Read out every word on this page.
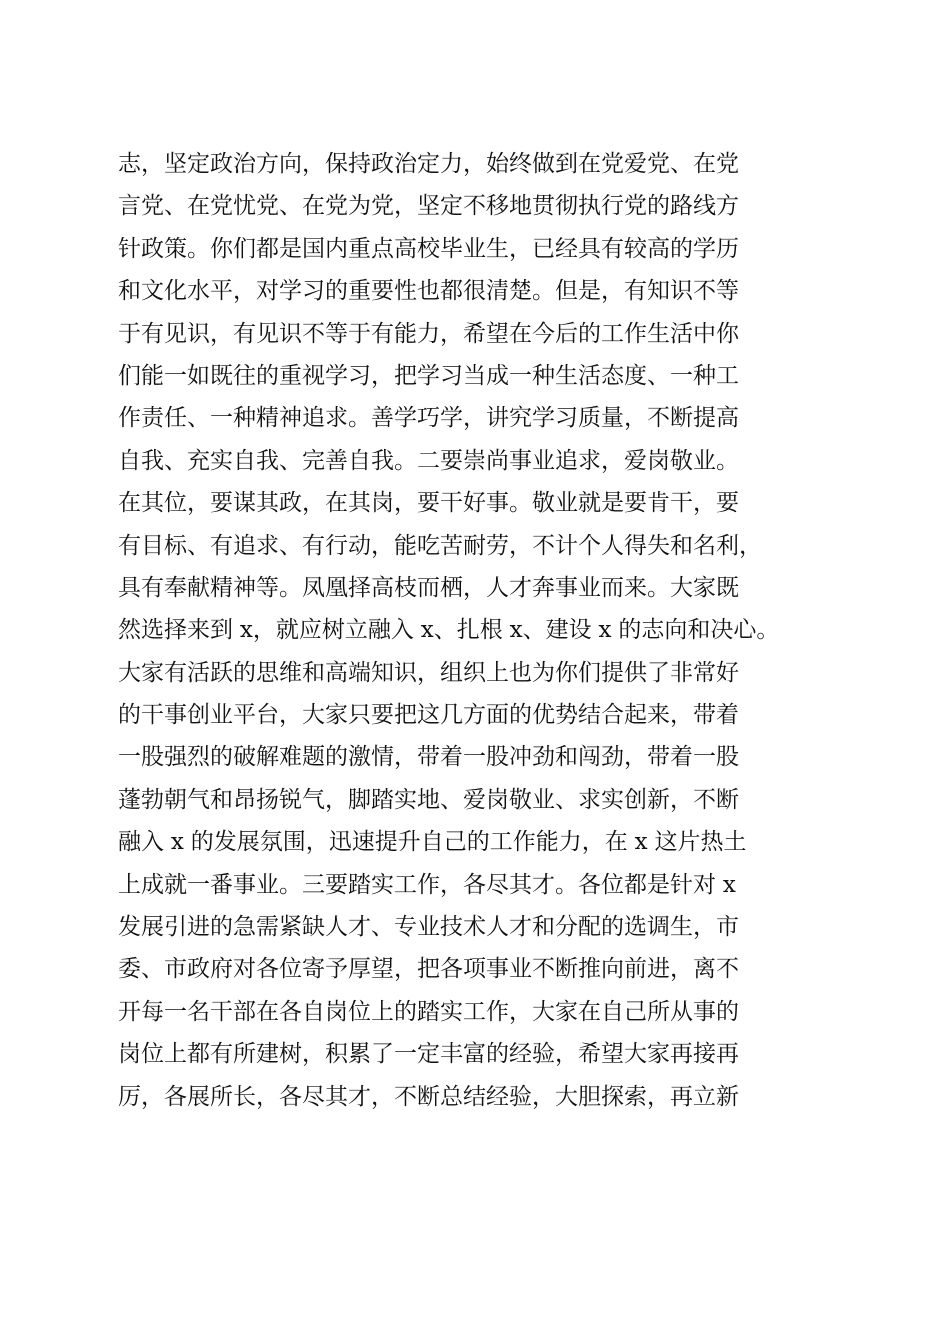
志，坚定政治方向，保持政治定力，始终做到在党爱党、在党
言党、在党忧党、在党为党，坚定不移地贯彻执行党的路线方
针政策。你们都是国内重点高校毕业生，已经具有较高的学历
和文化水平，对学习的重要性也都很清楚。但是，有知识不等
于有见识，有见识不等于有能力，希望在今后的工作生活中你
们能一如既往的重视学习，把学习当成一种生活态度、一种工
作责任、一种精神追求。善学巧学，讲究学习质量，不断提高
自我、充实自我、完善自我。二要崇尚事业追求，爱岗敬业。
在其位，要谋其政，在其岗，要干好事。敬业就是要肯干，要
有目标、有追求、有行动，能吃苦耐劳，不计个人得失和名利，
具有奉献精神等。凤凰择高枝而栖，人才奔事业而来。大家既
然选择来到 x，就应树立融入 x、扎根 x、建设 x 的志向和决心。
大家有活跃的思维和高端知识，组织上也为你们提供了非常好
的干事创业平台，大家只要把这几方面的优势结合起来，带着
一股强烈的破解难题的激情，带着一股冲劲和闯劲，带着一股
蓬勃朝气和昂扬锐气，脚踏实地、爱岗敬业、求实创新，不断
融入 x 的发展氛围，迅速提升自己的工作能力，在 x 这片热土
上成就一番事业。三要踏实工作，各尽其才。各位都是针对 x
发展引进的急需紧缺人才、专业技术人才和分配的选调生，市
委、市政府对各位寄予厚望，把各项事业不断推向前进，离不
开每一名干部在各自岗位上的踏实工作，大家在自己所从事的
岗位上都有所建树，积累了一定丰富的经验，希望大家再接再
厉，各展所长，各尽其才，不断总结经验，大胆探索，再立新
